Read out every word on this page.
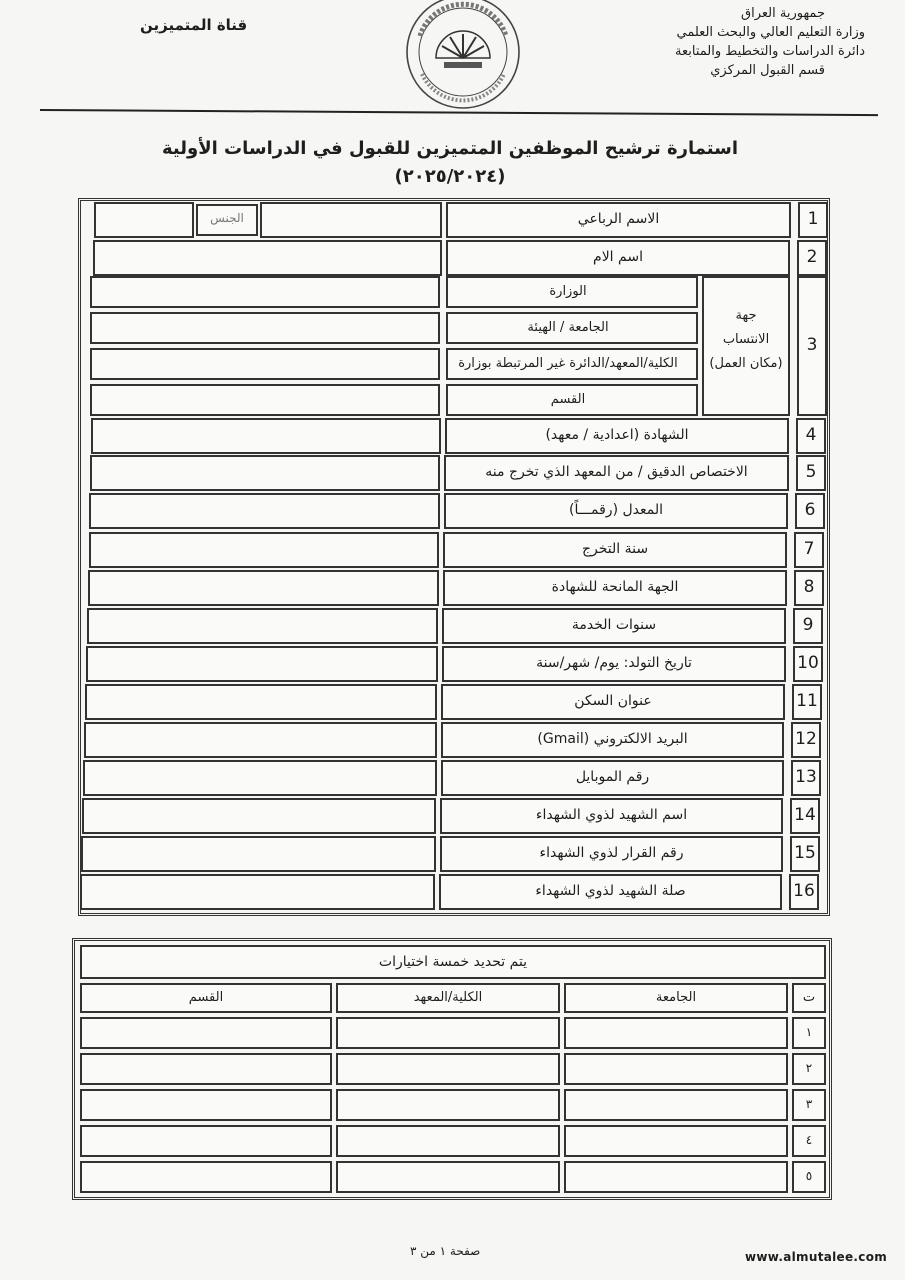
جمهورية العراق
وزارة التعليم العالي والبحث العلمي
دائرة الدراسات والتخطيط والمتابعة
قسم القبول المركزي
قناة المتميزين
استمارة ترشيح الموظفين المتميزين للقبول في الدراسات الأولية
(٢٠٢٥/٢٠٢٤)
1
الاسم الرباعي
الجنس
2
اسم الام
3
جهة
الانتساب
(مكان العمل)
الوزارة
الجامعة / الهيئة
الكلية/المعهد/الدائرة غير المرتبطة بوزارة
القسم
4
الشهادة (اعدادية / معهد)
5
الاختصاص الدقيق / من المعهد الذي تخرج منه
6
المعدل (رقمـــاً)
7
سنة التخرج
8
الجهة المانحة للشهادة
9
سنوات الخدمة
10
تاريخ التولد: يوم/ شهر/سنة
11
عنوان السكن
12
البريد الالكتروني (Gmail)
13
رقم الموبايل
14
اسم الشهيد لذوي الشهداء
15
رقم القرار لذوي الشهداء
16
صلة الشهيد لذوي الشهداء
يتم تحديد خمسة اختيارات
ت
الجامعة
الكلية/المعهد
القسم
١
٢
٣
٤
٥
صفحة ١ من ٣	www.almutalee.com
